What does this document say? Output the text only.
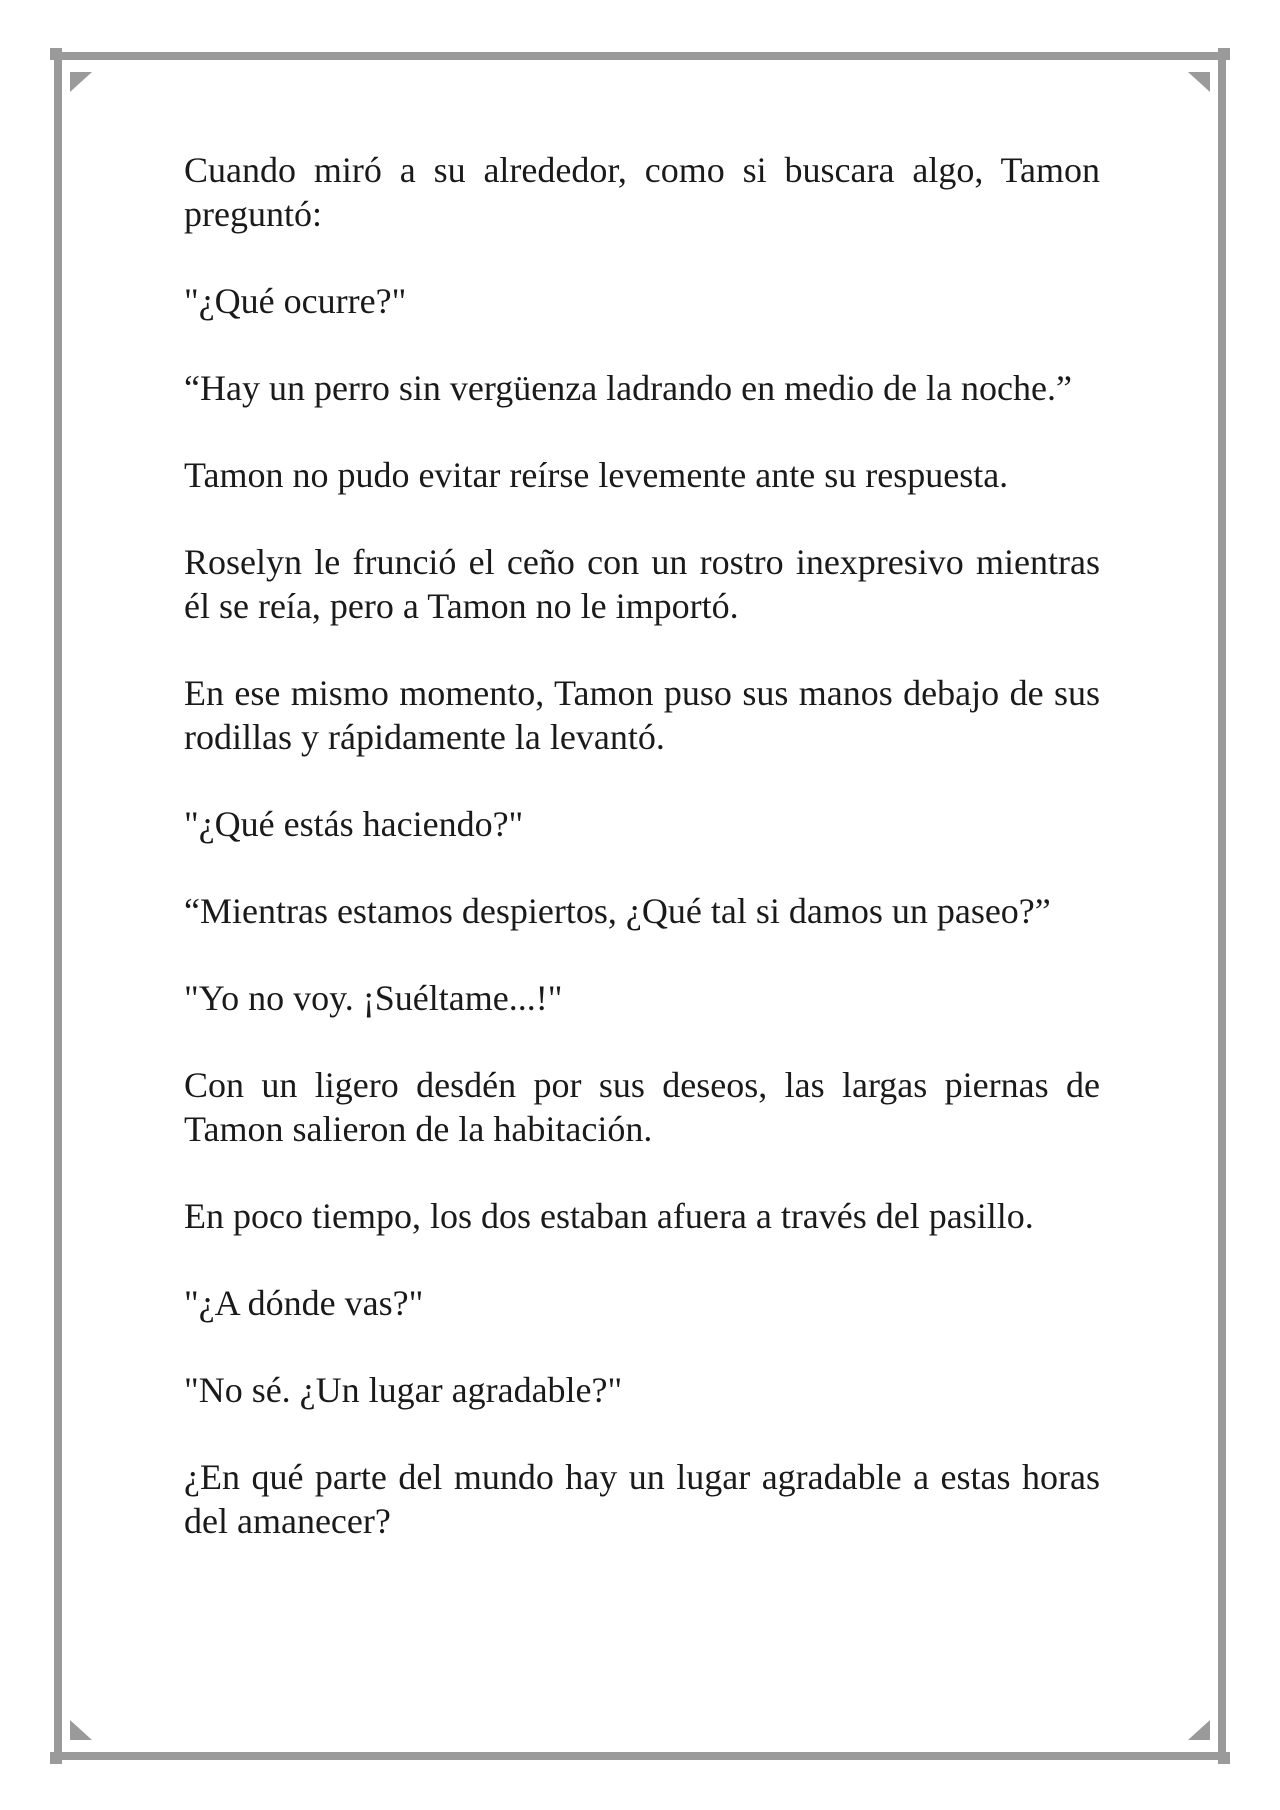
Cuando miró a su alrededor, como si buscara algo, Tamon preguntó:

"¿Qué ocurre?"

“Hay un perro sin vergüenza ladrando en medio de la noche.”

Tamon no pudo evitar reírse levemente ante su respuesta.

Roselyn le frunció el ceño con un rostro inexpresivo mientras él se reía, pero a Tamon no le importó.

En ese mismo momento, Tamon puso sus manos debajo de sus rodillas y rápidamente la levantó.

"¿Qué estás haciendo?"

“Mientras estamos despiertos, ¿Qué tal si damos un paseo?”

"Yo no voy. ¡Suéltame...!"

Con un ligero desdén por sus deseos, las largas piernas de Tamon salieron de la habitación.

En poco tiempo, los dos estaban afuera a través del pasillo.

"¿A dónde vas?"

"No sé. ¿Un lugar agradable?"

¿En qué parte del mundo hay un lugar agradable a estas horas del amanecer?
